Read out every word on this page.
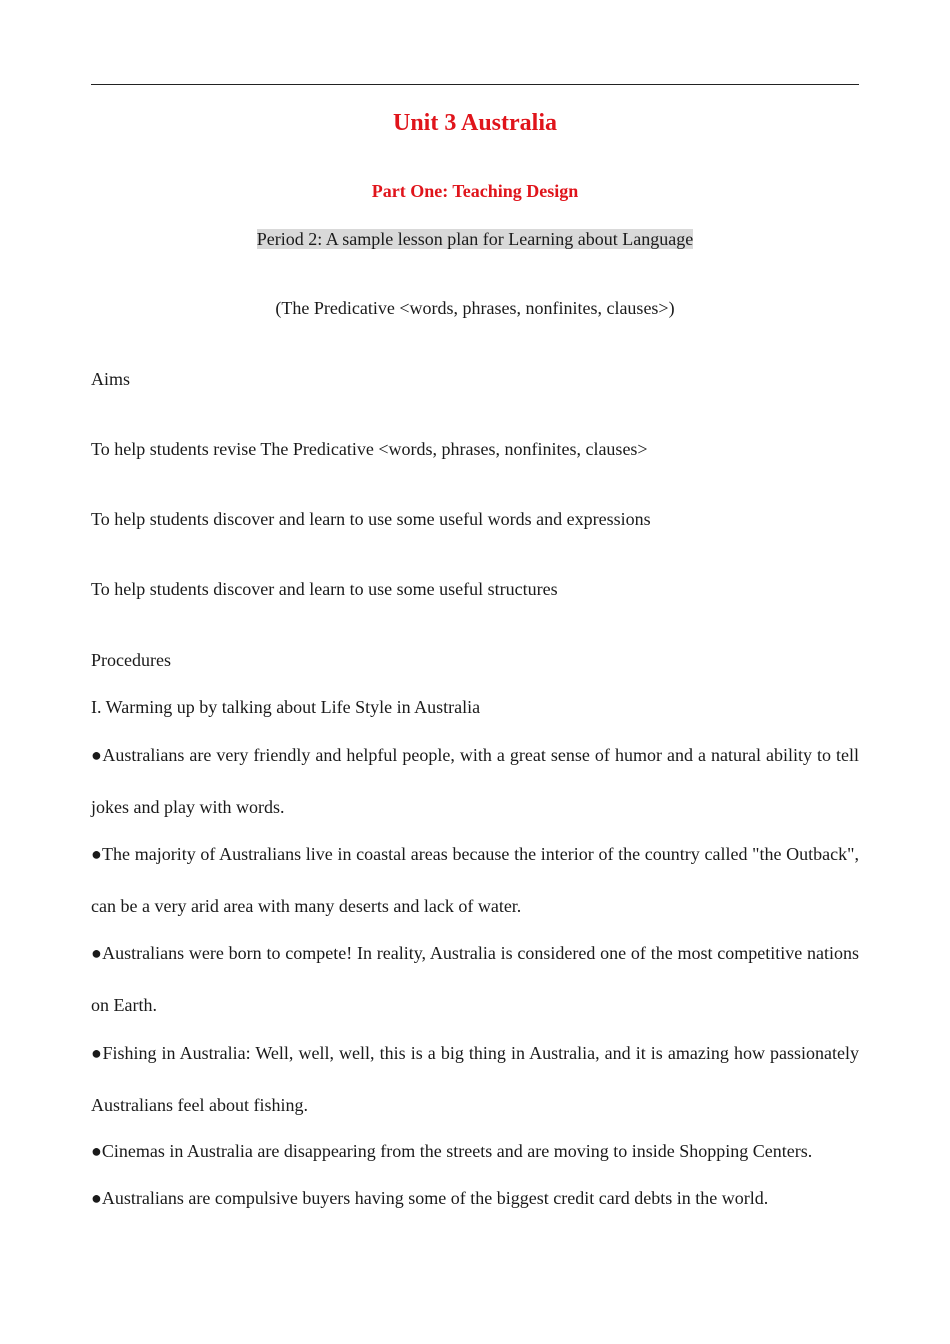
Unit 3 Australia
Part One: Teaching Design
Period 2: A sample lesson plan for Learning about Language
(The Predicative <words, phrases, nonfinites, clauses>)
Aims
To help students revise The Predicative <words, phrases, nonfinites, clauses>
To help students discover and learn to use some useful words and expressions
To help students discover and learn to use some useful structures
Procedures
I. Warming up by talking about Life Style in Australia
●Australians are very friendly and helpful people, with a great sense of humor and a natural ability to tell jokes and play with words.
●The majority of Australians live in coastal areas because the interior of the country called "the Outback", can be a very arid area with many deserts and lack of water.
●Australians were born to compete! In reality, Australia is considered one of the most competitive nations on Earth.
●Fishing in Australia: Well, well, well, this is a big thing in Australia, and it is amazing how passionately Australians feel about fishing.
●Cinemas in Australia are disappearing from the streets and are moving to inside Shopping Centers.
●Australians are compulsive buyers having some of the biggest credit card debts in the world.
